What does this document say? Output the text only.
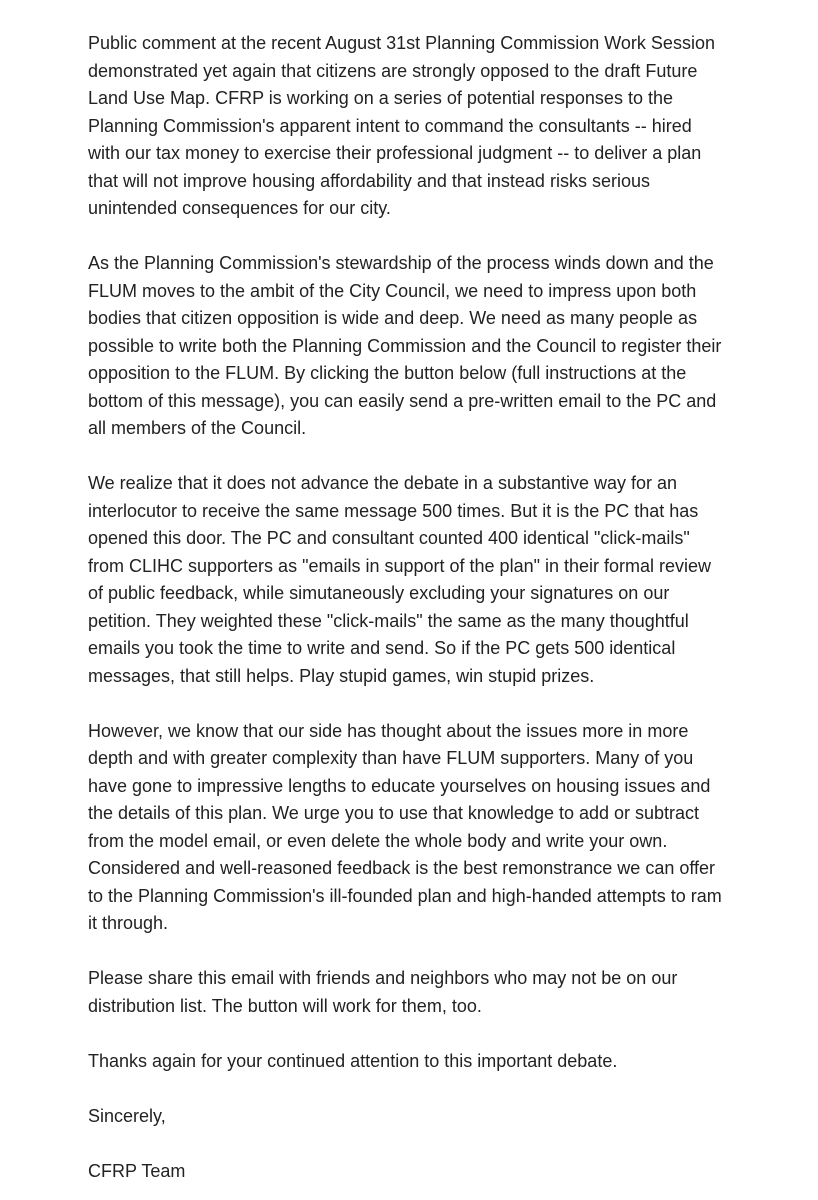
Public comment at the recent August 31st Planning Commission Work Session
demonstrated yet again that citizens are strongly opposed to the draft Future
Land Use Map. CFRP is working on a series of potential responses to the
Planning Commission's apparent intent to command the consultants -- hired
with our tax money to exercise their professional judgment -- to deliver a plan
that will not improve housing affordability and that instead risks serious
unintended consequences for our city.

As the Planning Commission's stewardship of the process winds down and the
FLUM moves to the ambit of the City Council, we need to impress upon both
bodies that citizen opposition is wide and deep. We need as many people as
possible to write both the Planning Commission and the Council to register their
opposition to the FLUM. By clicking the button below (full instructions at the
bottom of this message), you can easily send a pre-written email to the PC and
all members of the Council.

We realize that it does not advance the debate in a substantive way for an
interlocutor to receive the same message 500 times. But it is the PC that has
opened this door. The PC and consultant counted 400 identical "click-mails"
from CLIHC supporters as "emails in support of the plan" in their formal review
of public feedback, while simutaneously excluding your signatures on our
petition. They weighted these "click-mails" the same as the many thoughtful
emails you took the time to write and send. So if the PC gets 500 identical
messages, that still helps. Play stupid games, win stupid prizes.

However, we know that our side has thought about the issues more in more
depth and with greater complexity than have FLUM supporters. Many of you
have gone to impressive lengths to educate yourselves on housing issues and
the details of this plan. We urge you to use that knowledge to add or subtract
from the model email, or even delete the whole body and write your own.
Considered and well-reasoned feedback is the best remonstrance we can offer
to the Planning Commission's ill-founded plan and high-handed attempts to ram
it through.

Please share this email with friends and neighbors who may not be on our
distribution list. The button will work for them, too.

Thanks again for your continued attention to this important debate.

Sincerely,

CFRP Team
